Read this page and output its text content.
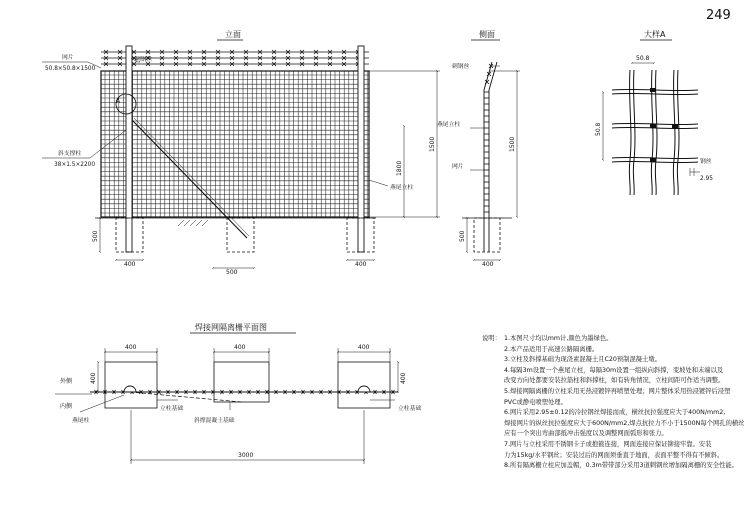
249
立面
A
400
500
400
500
1500
1800
网片
50.8×50.8×1500
刺钢丝
斜支撑柱
38×1.5×2200
燕尾立柱
侧面
1500
500
400
刺钢丝
燕尾立柱
网片
大样A
50.8
50.8
钢丝
2.95
焊接网隔离栅平面图
400	400	400
400	400
3000
外侧
内侧	立柱基础	立柱基础
燕尾柱	斜撑混凝土基础
说明： 1.本图尺寸均以mm计,颜色为墨绿色。
2.本产品适用于高速公路隔离栅。
3.立柱及斜撑基础为现浇素混凝土且C20预制混凝土墩。
4.每隔3m设置一个燕尾立柱，每隔30m设置一组纵向斜撑，变坡处和末端以及
改变方向处都要安装拉筋柱和斜撑柱，如有转角情况，立柱间距可作适当调整。
5.焊接网隔离栅的立柱采用无热浸镀锌再喷塑处理；网片整体采用热浸镀锌后浸塑
PVC或静电喷塑处理。
6.网片采用2.95±0.12的冷拉钢丝焊接而成，横丝抗拉强度应大于400N/mm2,
焊接网片的纵丝抗拉强度应大于600N/mm2,焊点抗拉力不小于1500N每个网孔的横丝
应有一个突出弯曲部抵冲击强度以及调整网面弧形和张力。
7.网片与立柱采用不锈钢卡子或抱箍连接，网面连接应保证铆接牢靠。安装
力为15kg/水平钢丝；安装过后的网面须垂直于地面，表面平整不得有不倾斜。
8.所有隔离栅立柱应加盖帽，0.3m带带部分采用3道刺钢丝增加隔离栅的安全性能。
